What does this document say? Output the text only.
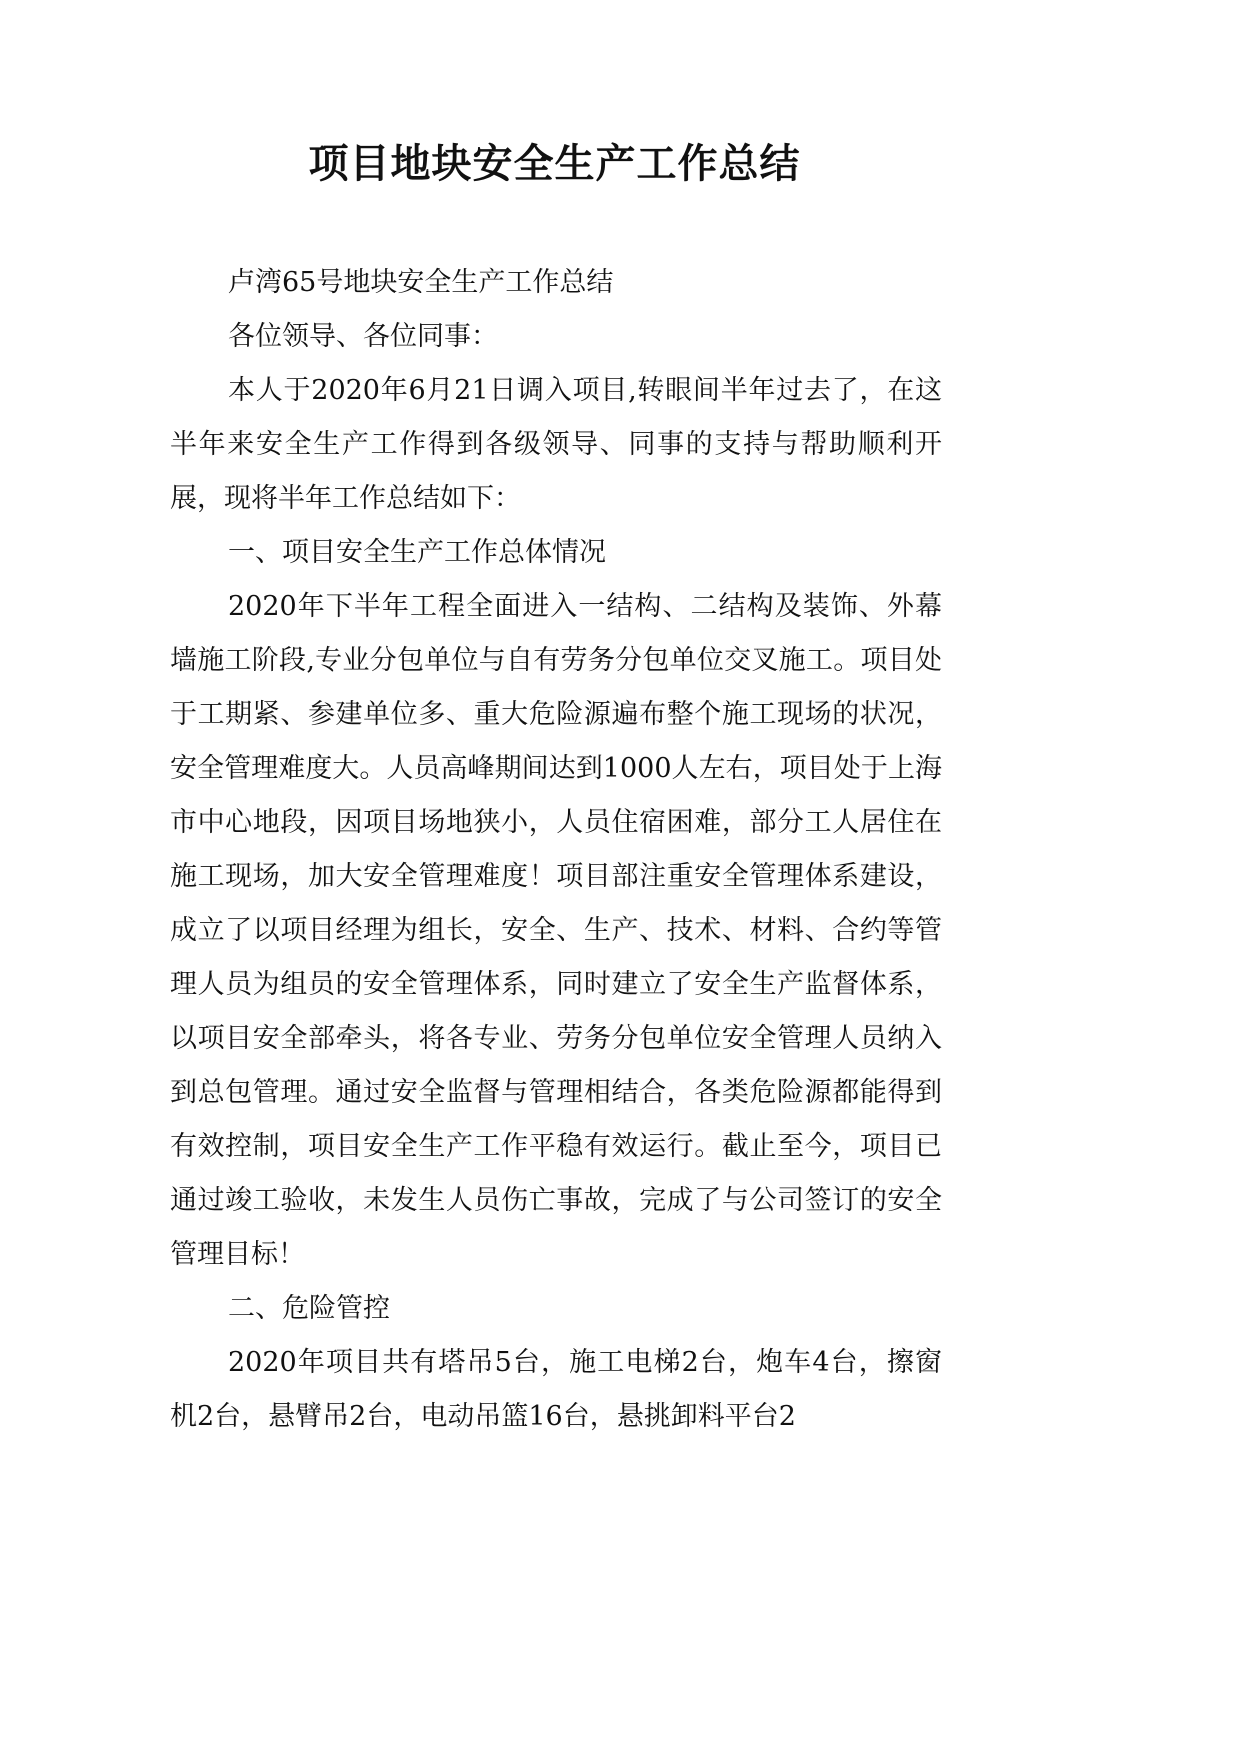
项目地块安全生产工作总结

卢湾65号地块安全生产工作总结

各位领导、各位同事：

本人于2020年6月21日调入项目,转眼间半年过去了，在这半年来安全生产工作得到各级领导、同事的支持与帮助顺利开展，现将半年工作总结如下：

一、项目安全生产工作总体情况

2020年下半年工程全面进入一结构、二结构及装饰、外幕墙施工阶段,专业分包单位与自有劳务分包单位交叉施工。项目处于工期紧、参建单位多、重大危险源遍布整个施工现场的状况，安全管理难度大。人员高峰期间达到1000人左右，项目处于上海市中心地段，因项目场地狭小，人员住宿困难，部分工人居住在施工现场，加大安全管理难度！项目部注重安全管理体系建设，成立了以项目经理为组长，安全、生产、技术、材料、合约等管理人员为组员的安全管理体系，同时建立了安全生产监督体系，以项目安全部牵头，将各专业、劳务分包单位安全管理人员纳入到总包管理。通过安全监督与管理相结合，各类危险源都能得到有效控制，项目安全生产工作平稳有效运行。截止至今，项目已通过竣工验收，未发生人员伤亡事故，完成了与公司签订的安全管理目标！

二、危险管控

2020年项目共有塔吊5台，施工电梯2台，炮车4台，擦窗机2台，悬臂吊2台，电动吊篮16台，悬挑卸料平台2
